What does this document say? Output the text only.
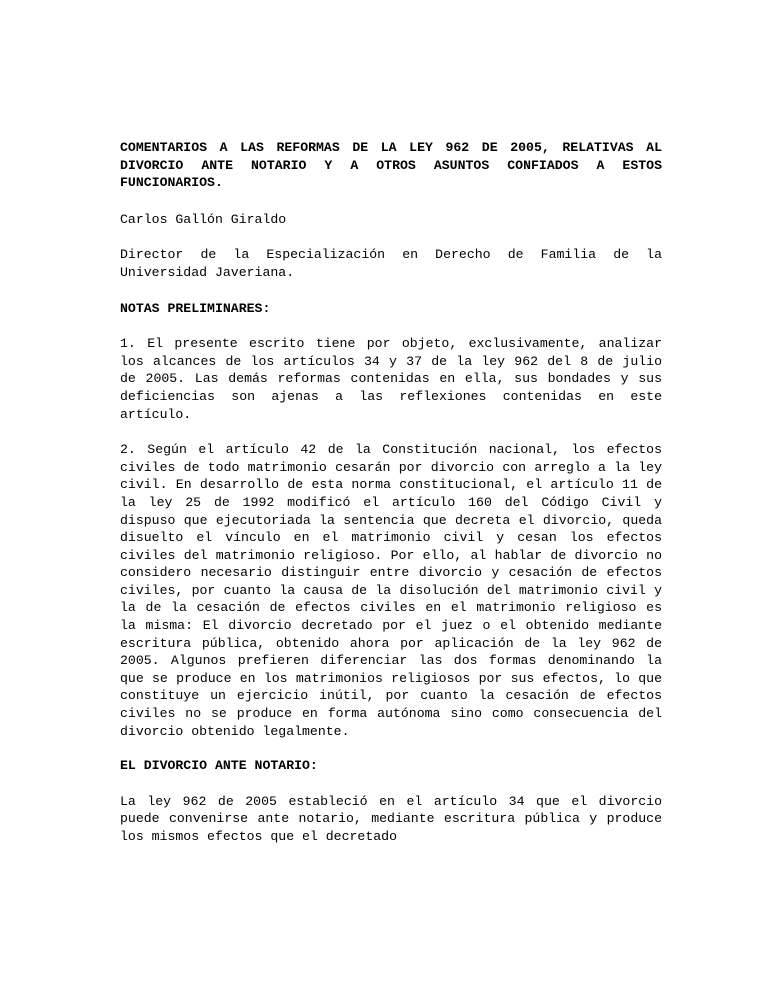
COMENTARIOS A LAS REFORMAS DE LA LEY 962 DE 2005, RELATIVAS AL DIVORCIO ANTE NOTARIO Y A OTROS ASUNTOS CONFIADOS A ESTOS FUNCIONARIOS.
Carlos Gallón Giraldo
Director de la Especialización en Derecho de Familia de la Universidad Javeriana.
NOTAS PRELIMINARES:
1. El presente escrito tiene por objeto, exclusivamente, analizar los alcances de los artículos 34 y 37 de la ley 962 del 8 de julio de 2005. Las demás reformas contenidas en ella, sus bondades y sus deficiencias son ajenas a las reflexiones contenidas en este artículo.
2. Según el artículo 42 de la Constitución nacional, los efectos civiles de todo matrimonio cesarán por divorcio con arreglo a la ley civil. En desarrollo de esta norma constitucional, el artículo 11 de la ley 25 de 1992 modificó el artículo 160 del Código Civil y dispuso que ejecutoriada la sentencia que decreta el divorcio, queda disuelto el vínculo en el matrimonio civil y cesan los efectos civiles del matrimonio religioso. Por ello, al hablar de divorcio no considero necesario distinguir entre divorcio y cesación de efectos civiles, por cuanto la causa de la disolución del matrimonio civil y la de la cesación de efectos civiles en el matrimonio religioso es la misma: El divorcio decretado por el juez o el obtenido mediante escritura pública, obtenido ahora por aplicación de la ley 962 de 2005. Algunos prefieren diferenciar las dos formas denominando la que se produce en los matrimonios religiosos por sus efectos, lo que constituye un ejercicio inútil, por cuanto la cesación de efectos civiles no se produce en forma autónoma sino como consecuencia del divorcio obtenido legalmente.
EL DIVORCIO ANTE NOTARIO:
La ley 962 de 2005 estableció en el artículo 34 que el divorcio puede convenirse ante notario, mediante escritura pública y produce los mismos efectos que el decretado
